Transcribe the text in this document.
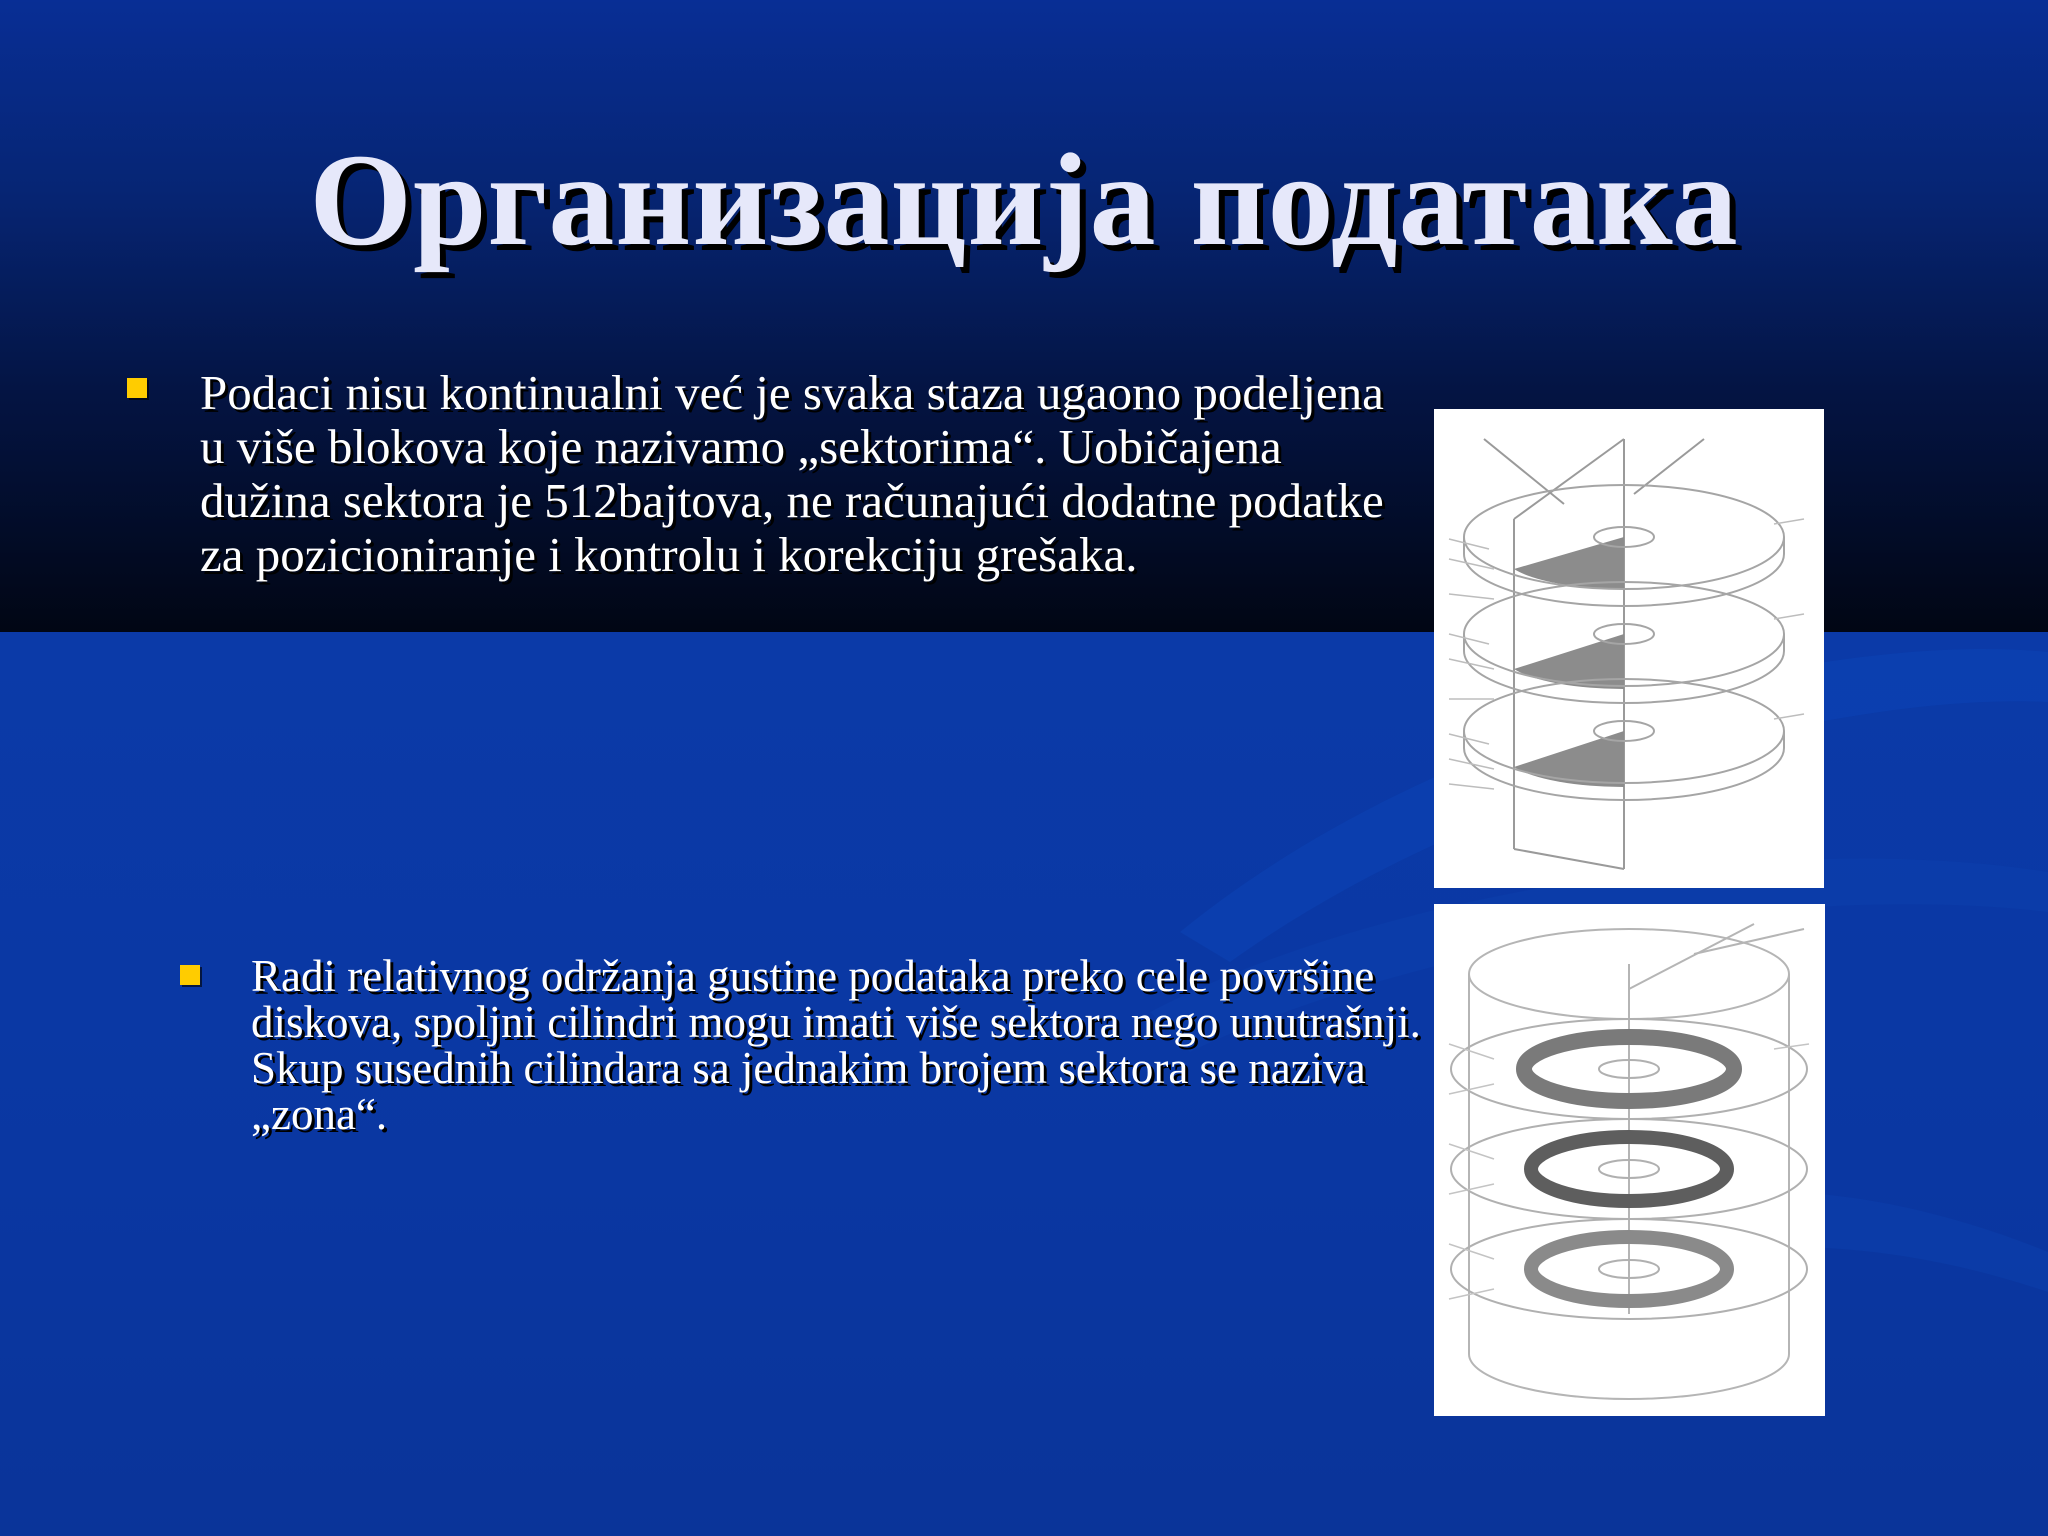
Организација података
Podaci nisu kontinualni već je svaka staza ugaono podeljena u više blokova koje nazivamo „sektorima“. Uobičajena dužina sektora je 512bajtova, ne računajući dodatne podatke za pozicioniranje i kontrolu i korekciju grešaka.
Radi relativnog održanja gustine podataka preko cele površine diskova, spoljni cilindri mogu imati više sektora nego unutrašnji. Skup susednih cilindara sa jednakim brojem sektora se naziva „zona“.
